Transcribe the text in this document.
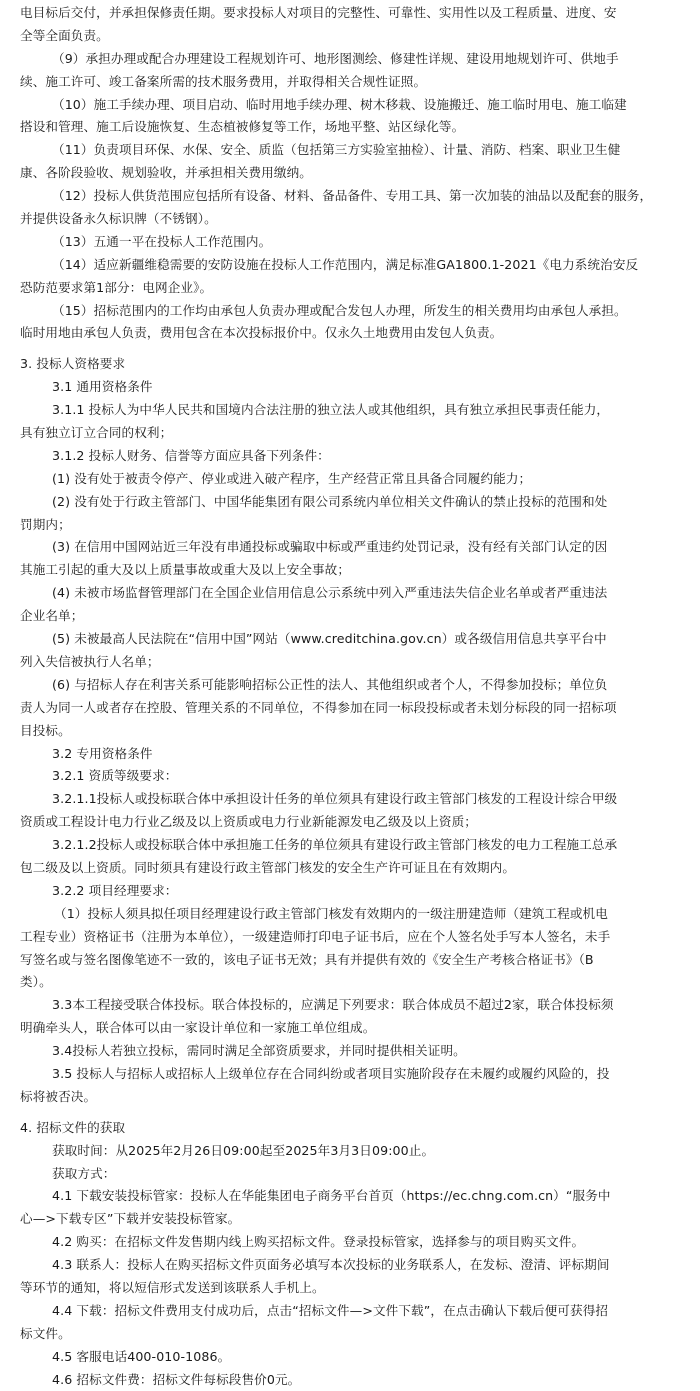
电目标后交付，并承担保修责任期。要求投标人对项目的完整性、可靠性、实用性以及工程质量、进度、安
全等全面负责。
（9）承担办理或配合办理建设工程规划许可、地形图测绘、修建性详规、建设用地规划许可、供地手
续、施工许可、竣工备案所需的技术服务费用，并取得相关合规性证照。
（10）施工手续办理、项目启动、临时用地手续办理、树木移栽、设施搬迁、施工临时用电、施工临建
搭设和管理、施工后设施恢复、生态植被修复等工作，场地平整、站区绿化等。
（11）负责项目环保、水保、安全、质监（包括第三方实验室抽检）、计量、消防、档案、职业卫生健
康、各阶段验收、规划验收，并承担相关费用缴纳。
（12）投标人供货范围应包括所有设备、材料、备品备件、专用工具、第一次加装的油品以及配套的服务，
并提供设备永久标识牌（不锈钢）。
（13）五通一平在投标人工作范围内。
（14）适应新疆维稳需要的安防设施在投标人工作范围内，满足标准GA1800.1-2021《电力系统治安反
恐防范要求第1部分：电网企业》。
（15）招标范围内的工作均由承包人负责办理或配合发包人办理，所发生的相关费用均由承包人承担。
临时用地由承包人负责，费用包含在本次投标报价中。仅永久土地费用由发包人负责。
3. 投标人资格要求
3.1 通用资格条件
3.1.1 投标人为中华人民共和国境内合法注册的独立法人或其他组织，具有独立承担民事责任能力，
具有独立订立合同的权利；
3.1.2 投标人财务、信誉等方面应具备下列条件：
(1) 没有处于被责令停产、停业或进入破产程序，生产经营正常且具备合同履约能力；
(2) 没有处于行政主管部门、中国华能集团有限公司系统内单位相关文件确认的禁止投标的范围和处
罚期内；
(3) 在信用中国网站近三年没有串通投标或骗取中标或严重违约处罚记录，没有经有关部门认定的因
其施工引起的重大及以上质量事故或重大及以上安全事故；
(4) 未被市场监督管理部门在全国企业信用信息公示系统中列入严重违法失信企业名单或者严重违法
企业名单；
(5) 未被最高人民法院在“信用中国”网站（www.creditchina.gov.cn）或各级信用信息共享平台中
列入失信被执行人名单；
(6) 与招标人存在利害关系可能影响招标公正性的法人、其他组织或者个人，不得参加投标；单位负
责人为同一人或者存在控股、管理关系的不同单位，不得参加在同一标段投标或者未划分标段的同一招标项
目投标。
3.2 专用资格条件
3.2.1 资质等级要求：
3.2.1.1投标人或投标联合体中承担设计任务的单位须具有建设行政主管部门核发的工程设计综合甲级
资质或工程设计电力行业乙级及以上资质或电力行业新能源发电乙级及以上资质；
3.2.1.2投标人或投标联合体中承担施工任务的单位须具有建设行政主管部门核发的电力工程施工总承
包二级及以上资质。同时须具有建设行政主管部门核发的安全生产许可证且在有效期内。
3.2.2 项目经理要求：
（1）投标人须具拟任项目经理建设行政主管部门核发有效期内的一级注册建造师（建筑工程或机电
工程专业）资格证书（注册为本单位），一级建造师打印电子证书后，应在个人签名处手写本人签名，未手
写签名或与签名图像笔迹不一致的，该电子证书无效；具有并提供有效的《安全生产考核合格证书》（B
类）。
3.3本工程接受联合体投标。联合体投标的，应满足下列要求：联合体成员不超过2家，联合体投标须
明确牵头人，联合体可以由一家设计单位和一家施工单位组成。
3.4投标人若独立投标，需同时满足全部资质要求，并同时提供相关证明。
3.5 投标人与招标人或招标人上级单位存在合同纠纷或者项目实施阶段存在未履约或履约风险的，投
标将被否决。
4. 招标文件的获取
获取时间：从2025年2月26日09:00起至2025年3月3日09:00止。
获取方式：
4.1 下载安装投标管家：投标人在华能集团电子商务平台首页（https://ec.chng.com.cn）“服务中
心—>下载专区”下载并安装投标管家。
4.2 购买：在招标文件发售期内线上购买招标文件。登录投标管家，选择参与的项目购买文件。
4.3 联系人：投标人在购买招标文件页面务必填写本次投标的业务联系人，在发标、澄清、评标期间
等环节的通知，将以短信形式发送到该联系人手机上。
4.4 下载：招标文件费用支付成功后，点击“招标文件—>文件下载”，在点击确认下载后便可获得招
标文件。
4.5 客服电话400-010-1086。
4.6 招标文件费：招标文件每标段售价0元。
